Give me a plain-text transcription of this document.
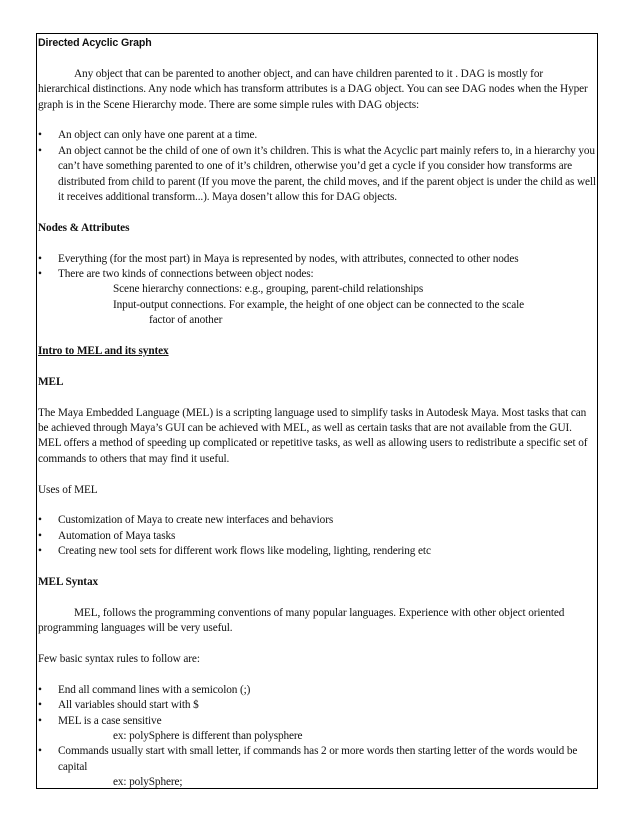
Directed Acyclic Graph

Any object that can be parented to another object, and can have children parented to it . DAG is mostly for hierarchical distinctions. Any node which has transform attributes is a DAG object. You can see DAG nodes when the Hyper graph is in the Scene Hierarchy mode. There are some simple rules with DAG objects:

• An object can only have one parent at a time.
• An object cannot be the child of one of own it’s children. This is what the Acyclic part mainly refers to, in a hierarchy you can’t have something parented to one of it’s children, otherwise you’d get a cycle if you consider how transforms are distributed from child to parent (If you move the parent, the child moves, and if the parent object is under the child as well it receives additional transform...). Maya dosen’t allow this for DAG objects.

Nodes & Attributes

• Everything (for the most part) in Maya is represented by nodes, with attributes, connected to other nodes
• There are two kinds of connections between object nodes:

Scene hierarchy connections: e.g., grouping, parent-child relationships

Input-output connections. For example, the height of one object can be connected to the scale

factor of another

Intro to MEL and its syntex

MEL

The Maya Embedded Language (MEL) is a scripting language used to simplify tasks in Autodesk Maya. Most tasks that can be achieved through Maya’s GUI can be achieved with MEL, as well as certain tasks that are not available from the GUI. MEL offers a method of speeding up complicated or repetitive tasks, as well as allowing users to redistribute a specific set of commands to others that may find it useful.

Uses of MEL

• Customization of Maya to create new interfaces and behaviors
• Automation of Maya tasks
• Creating new tool sets for different work flows like modeling, lighting, rendering etc

MEL Syntax

MEL, follows the programming conventions of many popular languages. Experience with other object oriented programming languages will be very useful.

Few basic syntax rules to follow are:

• End all command lines with a semicolon (;)
• All variables should start with $
• MEL is a case sensitive

ex: polySphere is different than polysphere

• Commands usually start with small letter, if commands has 2 or more words then starting letter of the words would be capital

ex: polySphere;
